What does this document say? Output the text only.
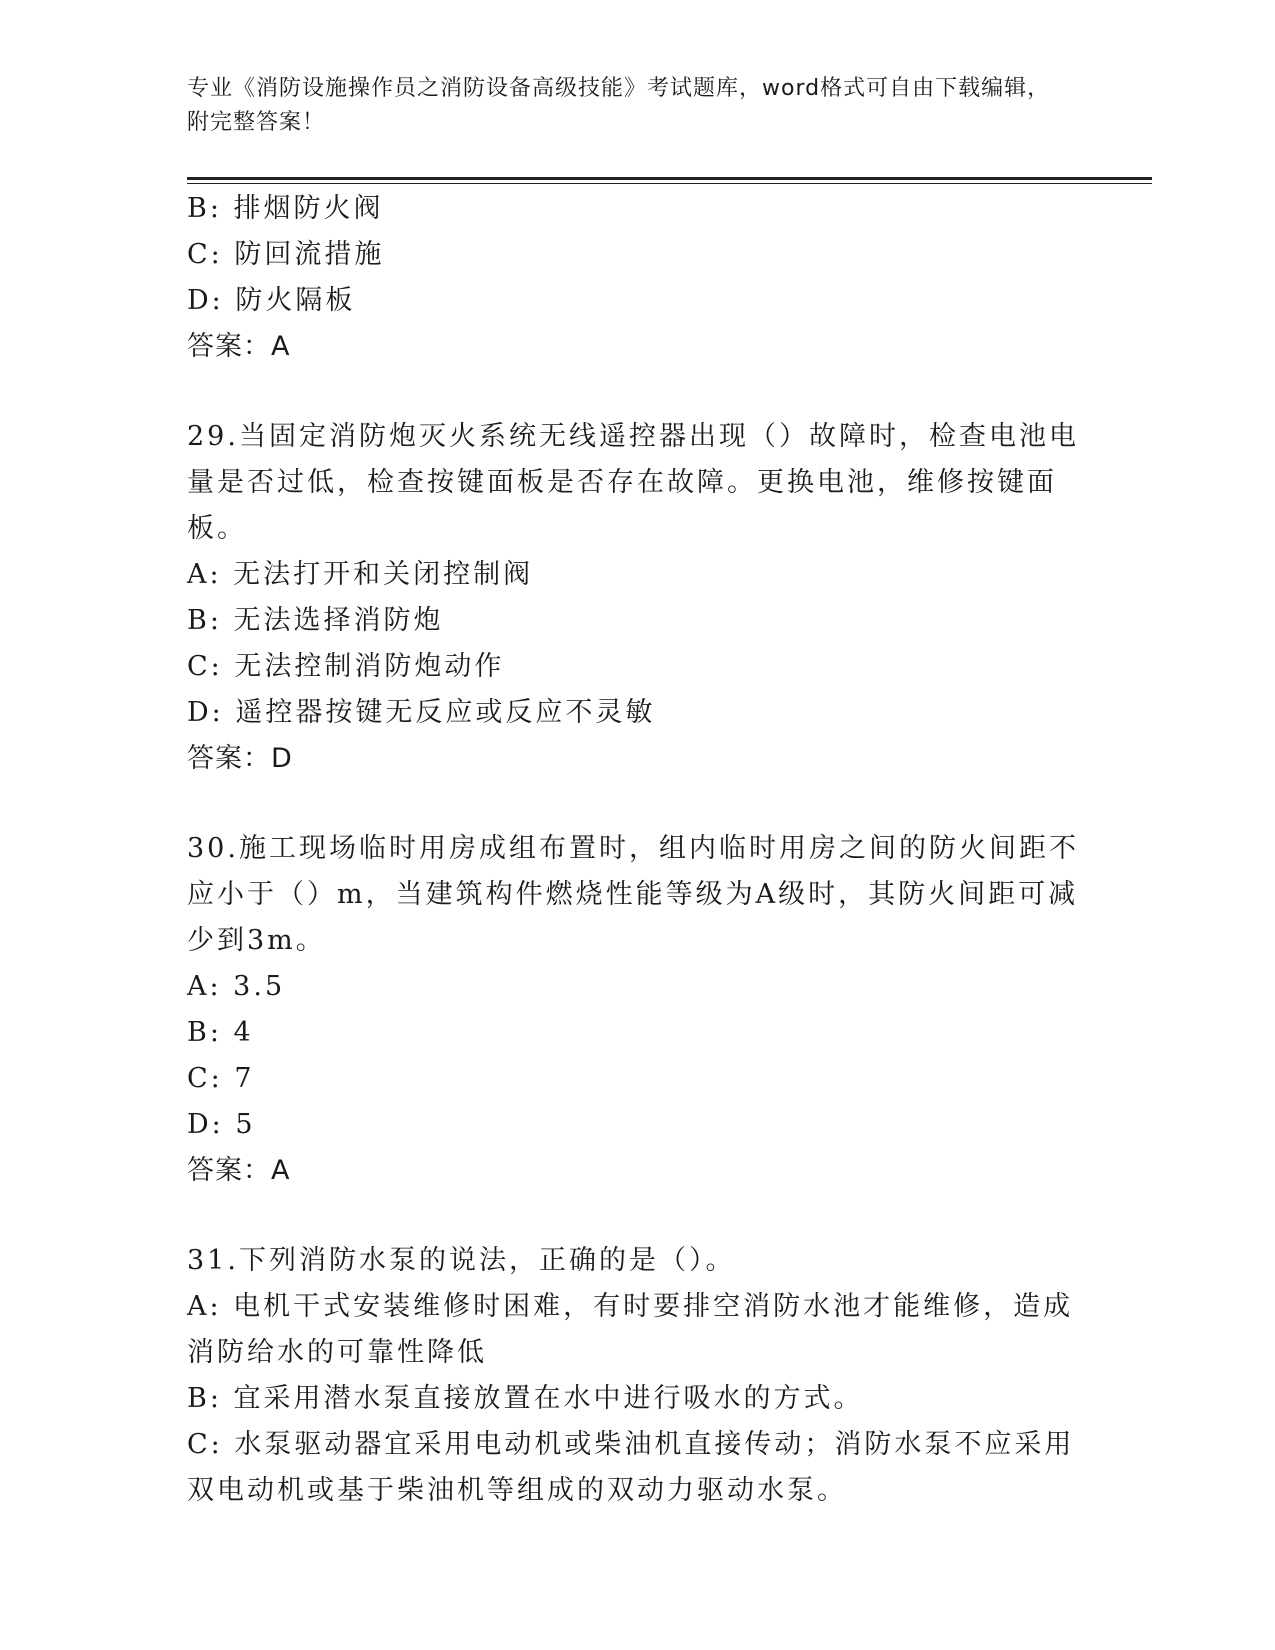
专业《消防设施操作员之消防设备高级技能》考试题库，word格式可自由下载编辑，附完整答案！
B: 排烟防火阀
C: 防回流措施
D: 防火隔板
答案：A
29.当固定消防炮灭火系统无线遥控器出现（）故障时，检查电池电量是否过低，检查按键面板是否存在故障。更换电池，维修按键面板。
A: 无法打开和关闭控制阀
B: 无法选择消防炮
C: 无法控制消防炮动作
D: 遥控器按键无反应或反应不灵敏
答案：D
30.施工现场临时用房成组布置时，组内临时用房之间的防火间距不应小于（）m，当建筑构件燃烧性能等级为A级时，其防火间距可减少到3m。
A: 3.5
B: 4
C: 7
D: 5
答案：A
31.下列消防水泵的说法，正确的是（）。
A: 电机干式安装维修时困难，有时要排空消防水池才能维修，造成消防给水的可靠性降低
B: 宜采用潜水泵直接放置在水中进行吸水的方式。
C: 水泵驱动器宜采用电动机或柴油机直接传动；消防水泵不应采用双电动机或基于柴油机等组成的双动力驱动水泵。
